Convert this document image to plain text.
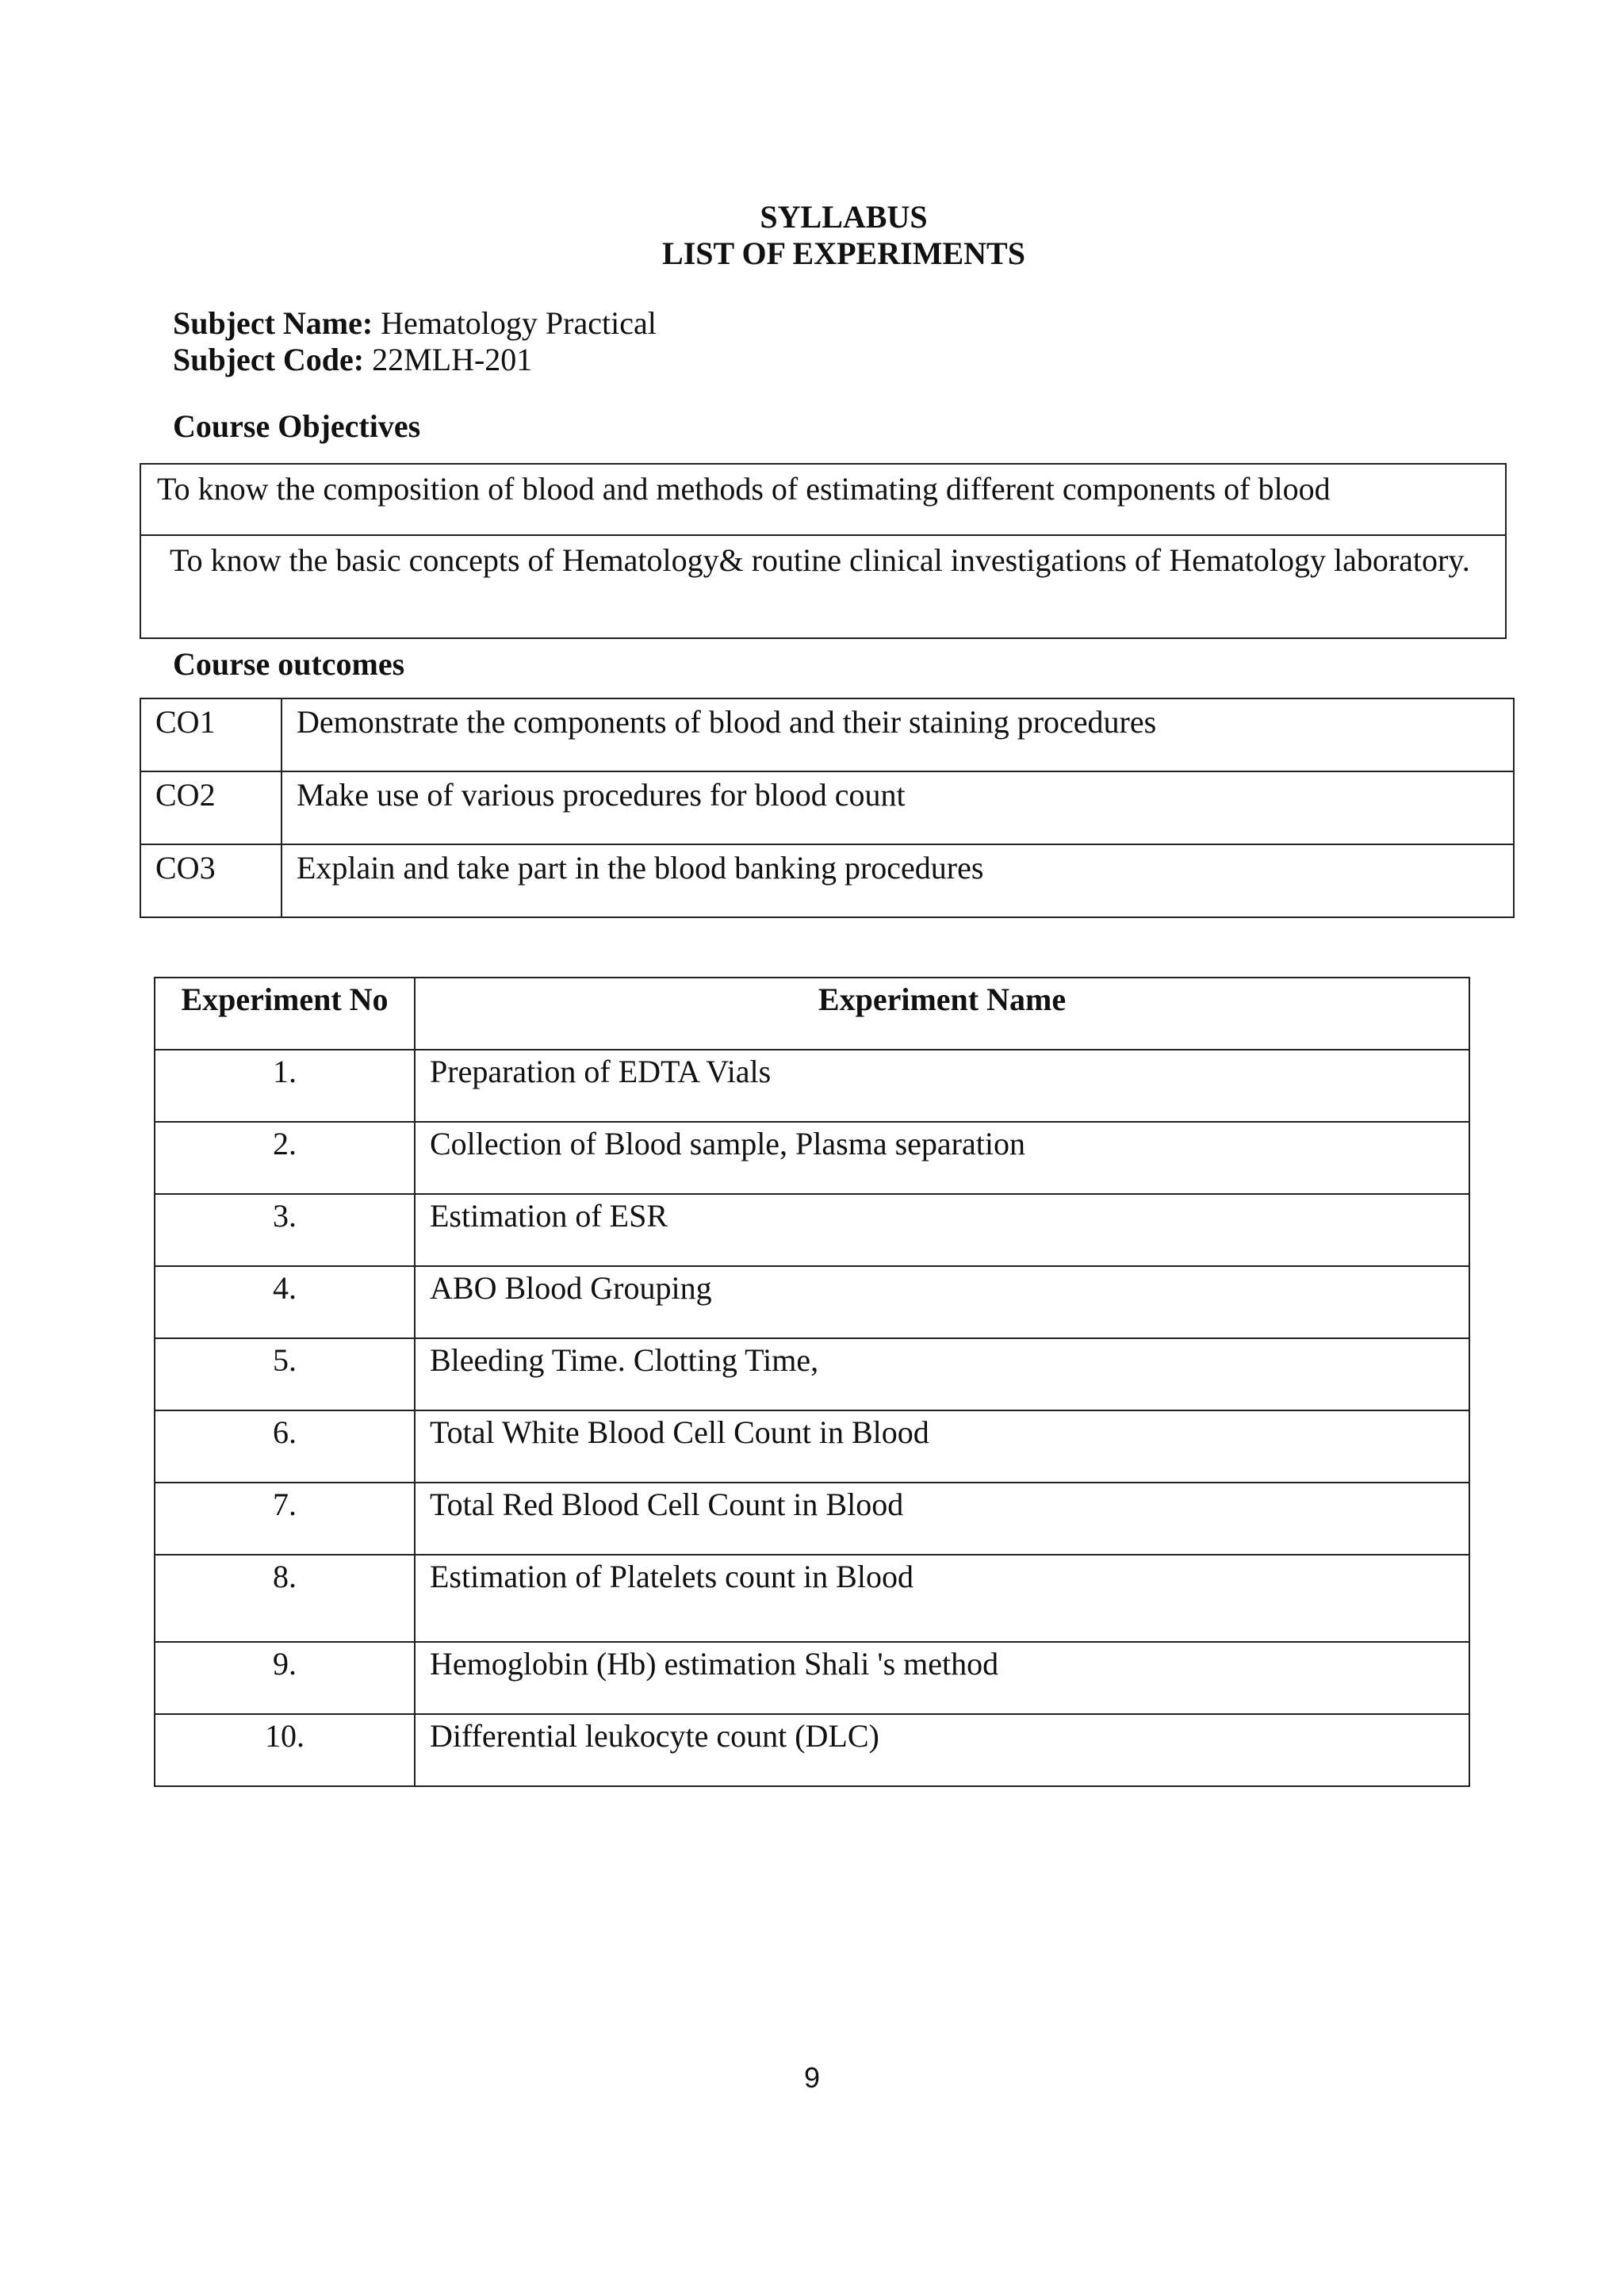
SYLLABUS
LIST OF EXPERIMENTS
Subject Name: Hematology Practical
Subject Code: 22MLH-201
Course Objectives
To know the composition of blood and methods of estimating different components of blood
To know the basic concepts of Hematology& routine clinical investigations of Hematology laboratory.
Course outcomes
CO1	Demonstrate the components of blood and their staining procedures
CO2	Make use of various procedures for blood count
CO3	Explain and take part in the blood banking procedures
Experiment No	Experiment Name
1.	Preparation of EDTA Vials
2.	Collection of Blood sample, Plasma separation
3.	Estimation of ESR
4.	ABO Blood Grouping
5.	Bleeding Time. Clotting Time,
6.	Total White Blood Cell Count in Blood
7.	Total Red Blood Cell Count in Blood
8.	Estimation of Platelets count in Blood
9.	Hemoglobin (Hb) estimation Shali 's method
10.	Differential leukocyte count (DLC)
9
